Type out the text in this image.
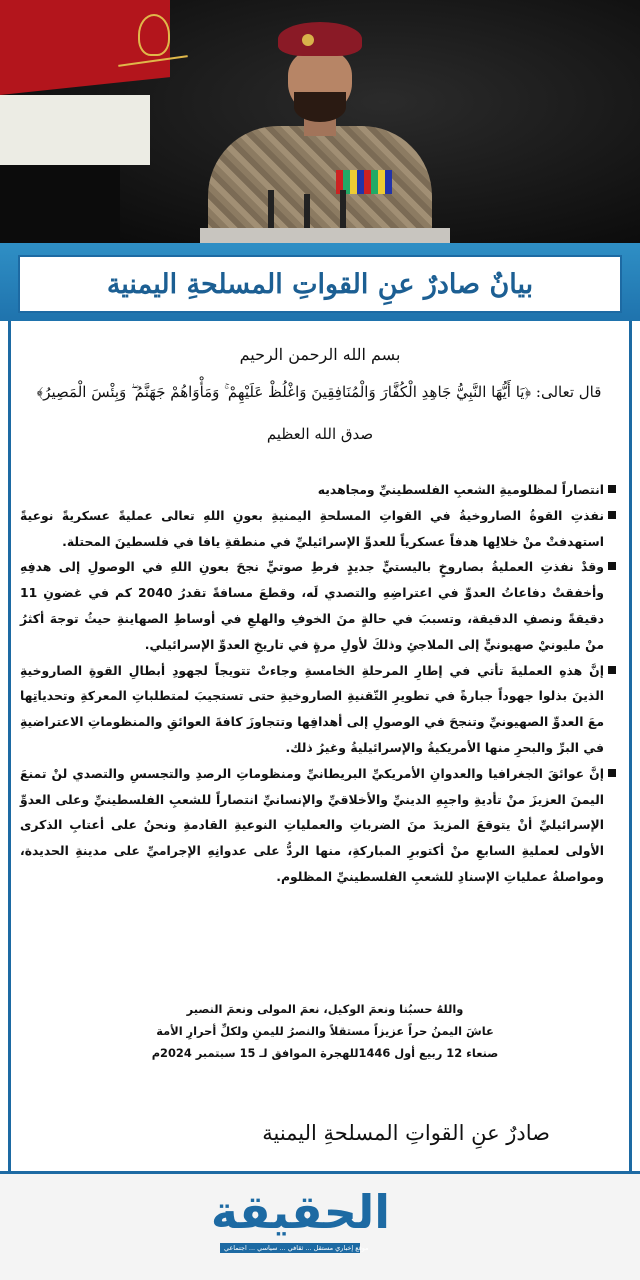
بيانٌ صادرٌ عنِ القواتِ المسلحةِ اليمنية
بسم الله الرحمن الرحيم
قال تعالى: ﴿يَا أَيُّهَا النَّبِيُّ جَاهِدِ الْكُفَّارَ وَالْمُنَافِقِينَ وَاغْلُظْ عَلَيْهِمْ ۚ وَمَأْوَاهُمْ جَهَنَّمُ ۖ وَبِئْسَ الْمَصِيرُ﴾
صدق الله العظيم
انتصاراً لمظلوميةِ الشعبِ الفلسطينيِّ ومجاهديه
نفذتِ القوةُ الصاروخيةُ في القواتِ المسلحةِ اليمنيةِ بعونِ اللهِ تعالى عمليةً عسكريةً نوعيةً استهدفتْ منْ خلالِها هدفاً عسكرياً للعدوِّ الإسرائيليِّ في منطقةِ يافا في فلسطينَ المحتلة.
وقدْ نفذتِ العمليةُ بصاروخٍ باليستيٍّ جديدٍ فرطِ صوتيٍّ نجحَ بعونِ اللهِ في الوصولِ إلى هدفِهِ وأخفقتْ دفاعاتُ العدوِّ في اعتراضِهِ والتصدي لَه، وقطعَ مسافةً تقدرُ 2040 كم في غضونِ 11 دقيقةً ونصفِ الدقيقة، وتسببَ في حالةٍ منَ الخوفِ والهلعِ في أوساطِ الصهاينةِ حيثُ توجهَ أكثرُ منْ مليونيْ صهيونيٍّ إلى الملاجئِ وذلكَ لأولِ مرةٍ في تاريخِ العدوِّ الإسرائيلي.
إنَّ هذهِ العمليةَ تأتي في إطارِ المرحلةِ الخامسةِ وجاءتْ تتويجاً لجهودِ أبطالِ القوةِ الصاروخيةِ الذينَ بذلوا جهوداً جبارةً في تطويرِ التّقنيةِ الصاروخيةِ حتى تستجيبَ لمتطلباتِ المعركةِ وتحدياتِها معَ العدوِّ الصهيونيِّ وتنجحَ في الوصولِ إلى أهدافِها وتتجاوزَ كافةَ العوائقِ والمنظوماتِ الاعتراضيةِ في البرِّ والبحرِ منها الأمريكيةُ والإسرائيليةُ وغيرُ ذلك.
إنَّ عوائقَ الجغرافيا والعدوانِ الأمريكيِّ البريطانيِّ ومنظوماتِ الرصدِ والتجسسِ والتصدي لنْ تمنعَ اليمنَ العزيزَ منْ تأديةِ واجبِهِ الدينيِّ والأخلاقيِّ والإنسانيِّ انتصاراً للشعبِ الفلسطينيِّ وعلى العدوِّ الإسرائيليِّ أنْ يتوقعَ المزيدَ منَ الضرباتِ والعملياتِ النوعيةِ القادمةِ ونحنُ على أعتابِ الذكرى الأولى لعمليةِ السابعِ منْ أكتوبرِ المباركةِ، منها الردُّ على عدوانِهِ الإجراميِّ على مدينةِ الحديدة، ومواصلةُ عملياتِ الإسنادِ للشعبِ الفلسطينيِّ المظلوم.
واللهُ حسبُنا ونعمَ الوكيل، نعمَ المولى ونعمَ النصير
عاشَ اليمنُ حراً عزيزاً مستقلاً والنصرُ لليمنِ ولكلِّ أحرارِ الأمة
صنعاء 12 ربيع أول 1446للهجرة الموافق لـ 15 سبتمبر 2024م
صادرٌ عنِ القواتِ المسلحةِ اليمنية
الحقيقة
موقع إخباري مستقل ... ثقافي ... سياسي ... اجتماعي
